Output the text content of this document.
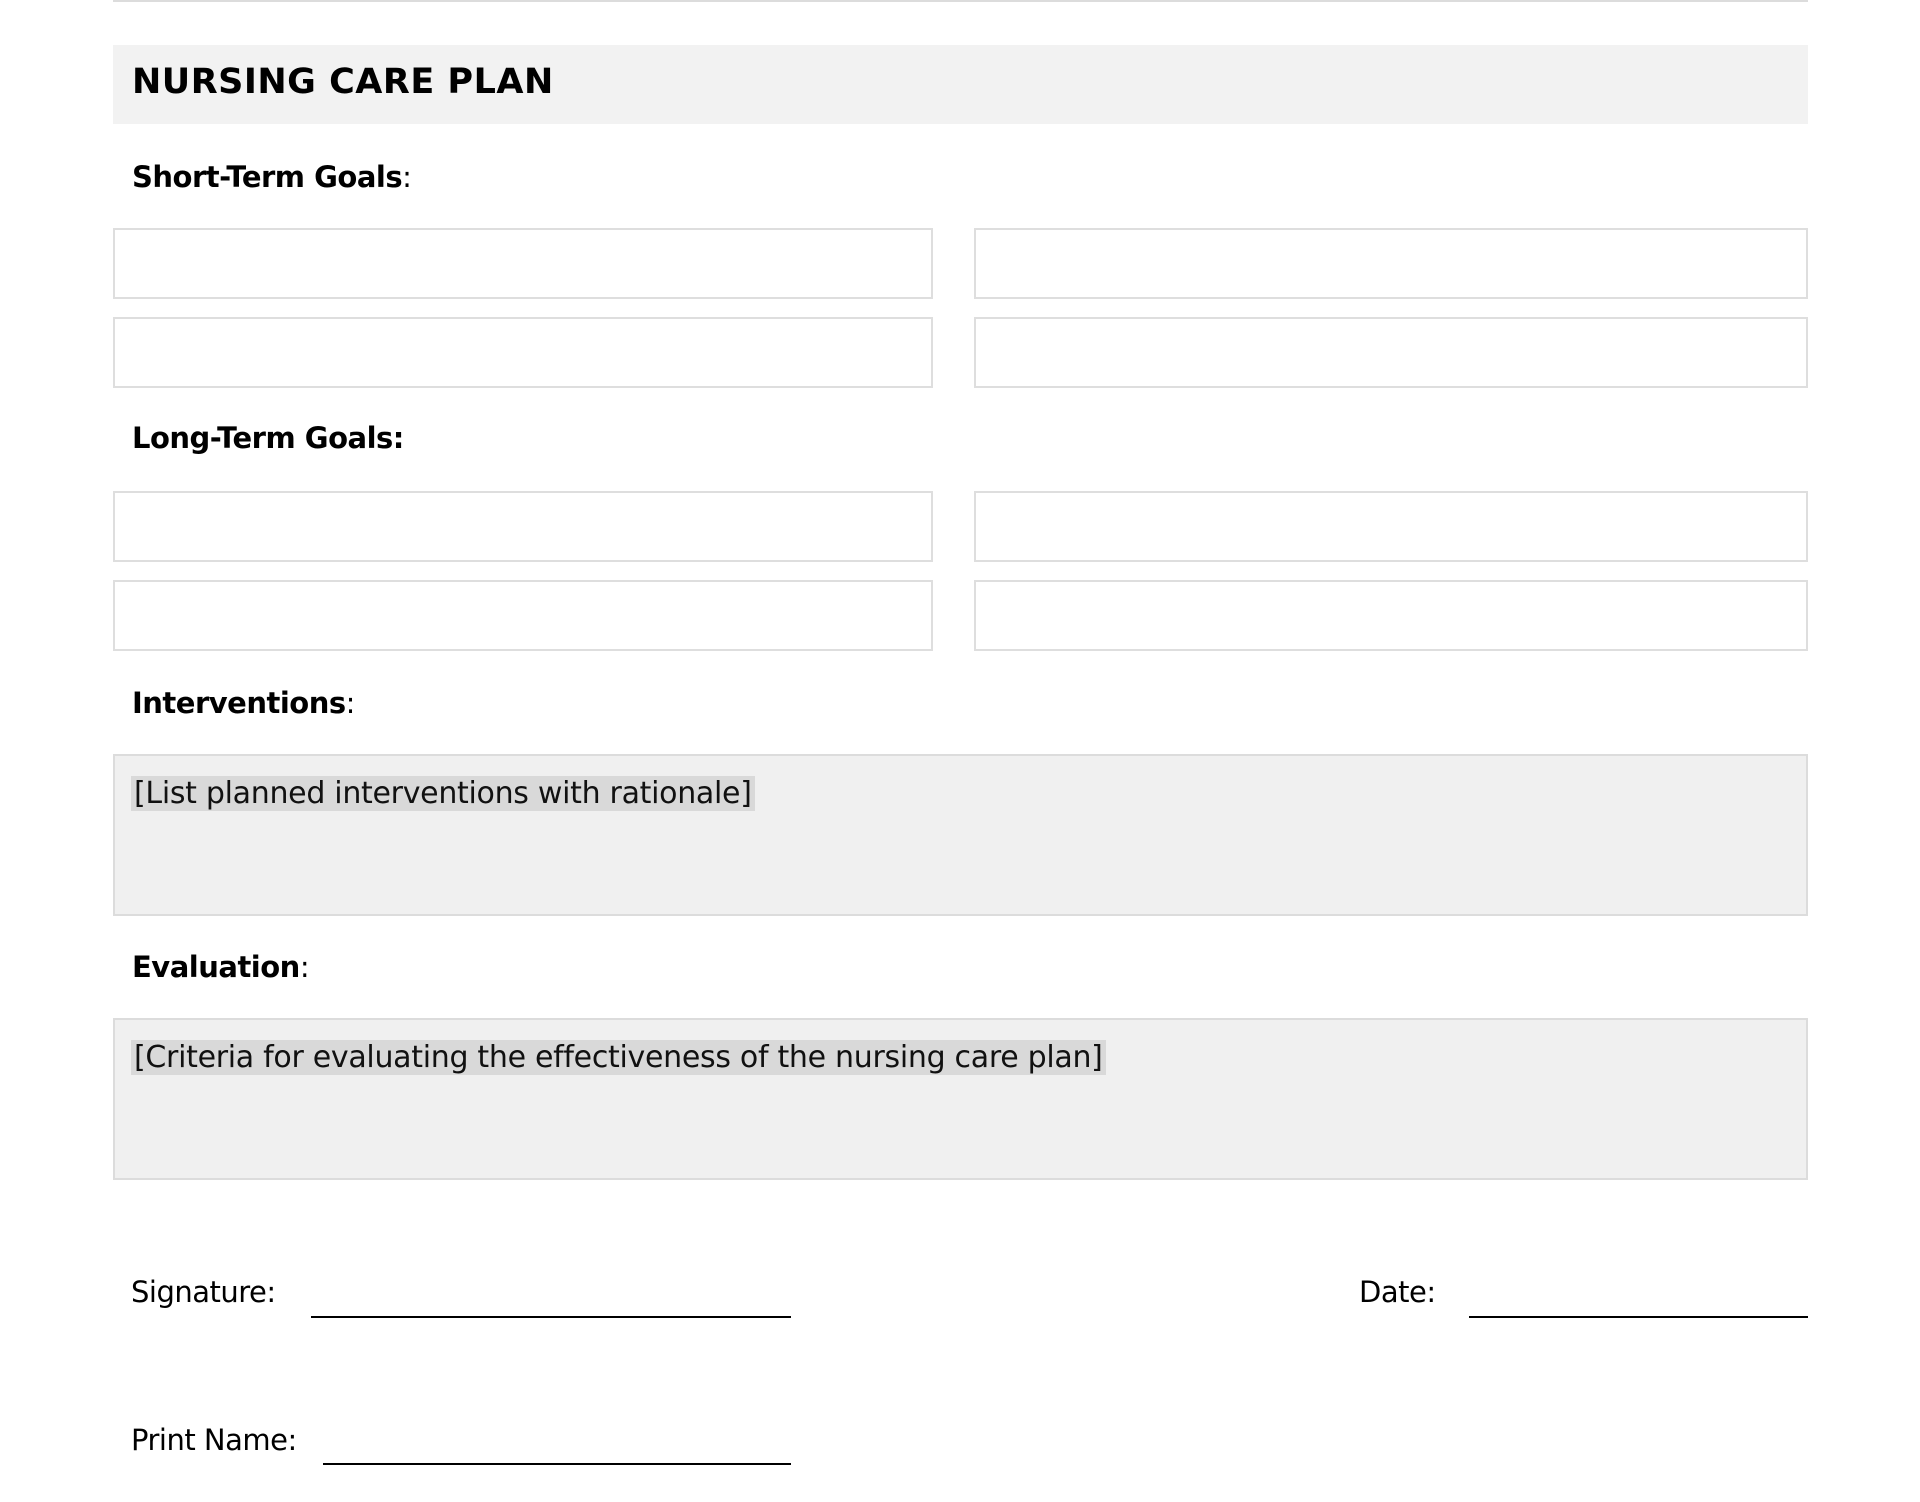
NURSING CARE PLAN
Short-Term Goals:
Long-Term Goals:
Interventions:
[List planned interventions with rationale]
Evaluation:
[Criteria for evaluating the effectiveness of the nursing care plan]
Signature:	Date:
Print Name:
